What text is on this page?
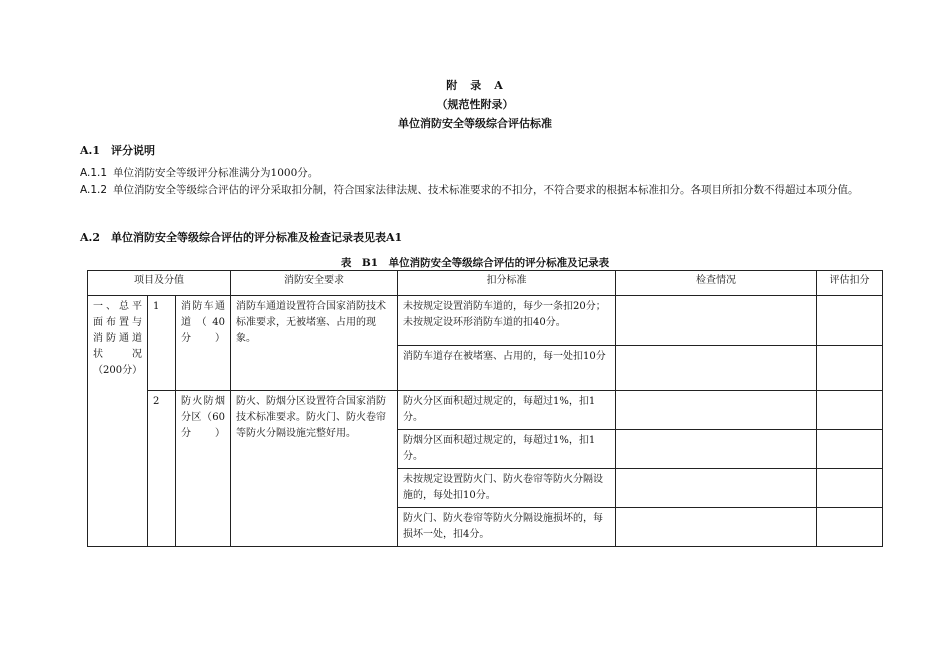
附　录　A
（规范性附录）
单位消防安全等级综合评估标准
A.1　评分说明
A.1.1 单位消防安全等级评分标准满分为1000分。
A.1.2 单位消防安全等级综合评估的评分采取扣分制，符合国家法律法规、技术标准要求的不扣分，不符合要求的根据本标准扣分。各项目所扣分数不得超过本项分值。
A.2　单位消防安全等级综合评估的评分标准及检查记录表见表A1
表　B1　单位消防安全等级综合评估的评分标准及记录表
项目及分值			消防安全要求	扣分标准	检查情况	评估扣分
一、总平面布置与消防通道状况（200分）	1	消防车通道（40分）	消防车通道设置符合国家消防技术标准要求，无被堵塞、占用的现象。	未按规定设置消防车道的，每少一条扣20分；未按规定设环形消防车道的扣40分。		
				消防车道存在被堵塞、占用的，每一处扣10分		
	2	防火防烟分区（60分）	防火、防烟分区设置符合国家消防技术标准要求。防火门、防火卷帘等防火分隔设施完整好用。	防火分区面积超过规定的，每超过1%，扣1分。		
				防烟分区面积超过规定的，每超过1%，扣1分。		
				未按规定设置防火门、防火卷帘等防火分隔设施的，每处扣10分。		
				防火门、防火卷帘等防火分隔设施损坏的，每损坏一处，扣4分。		
